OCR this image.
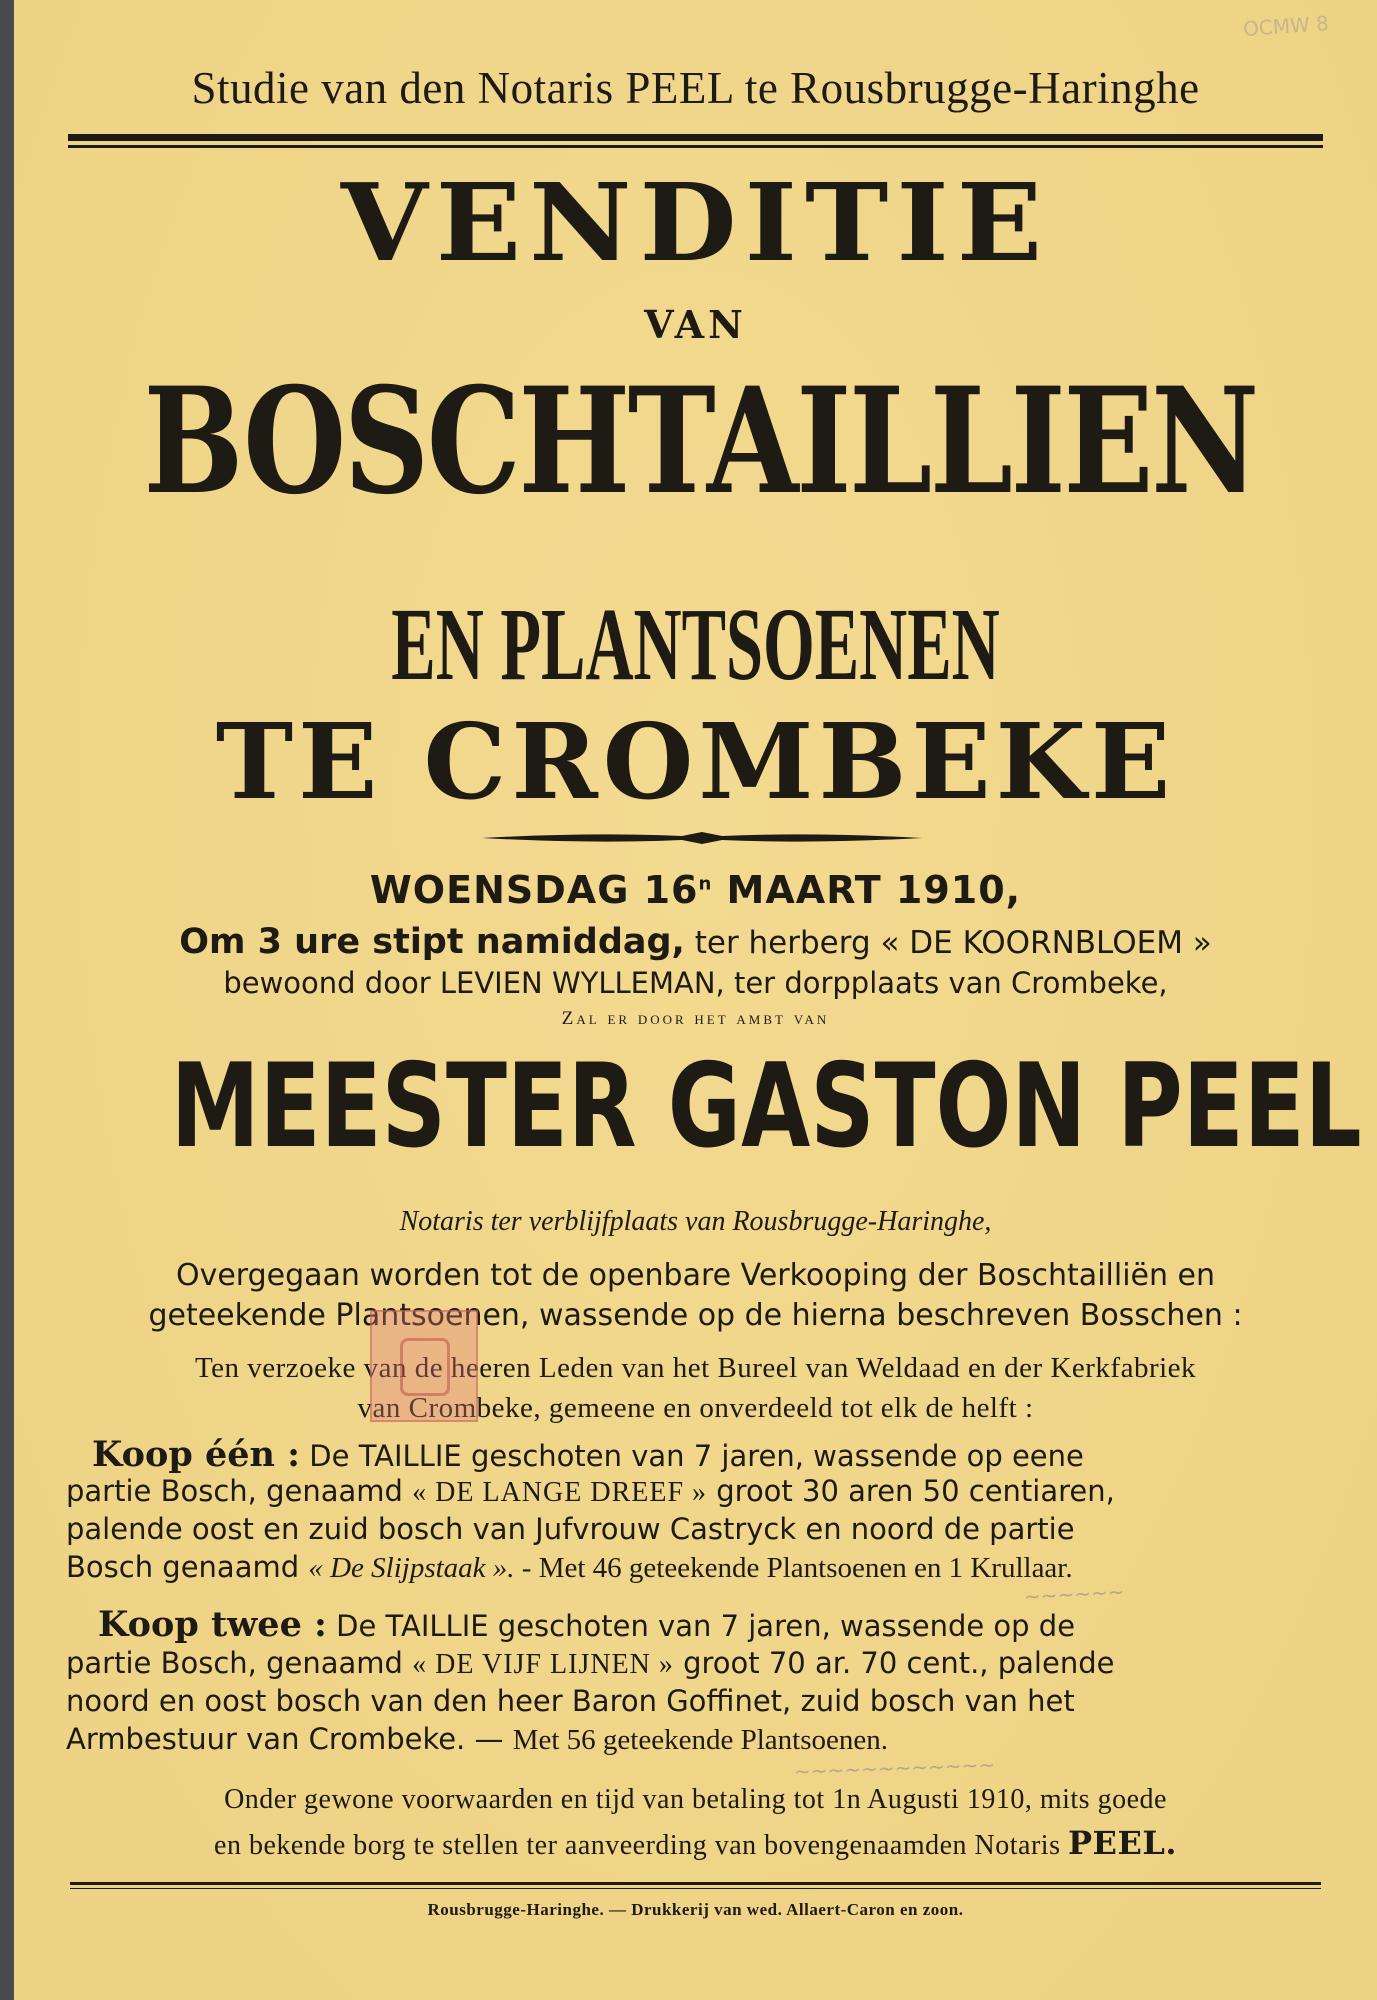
OCMW 8
Studie van den Notaris PEEL te Rousbrugge-Haringhe
VENDITIE
VAN
BOSCHTAILLIEN
EN PLANTSOENEN
TE CROMBEKE
WOENSDAG 16$^n$ MAART 1910,
Om 3 ure stipt namiddag, ter herberg « DE KOORNBLOEM »
bewoond door LEVIEN WYLLEMAN, ter dorpplaats van Crombeke,
Zal er door het ambt van
MEESTER GASTON PEEL
Notaris ter verblijfplaats van Rousbrugge-Haringhe,
Overgegaan worden tot de openbare Verkooping der Boschtailliën en
geteekende Plantsoenen, wassende op de hierna beschreven Bosschen :
Ten verzoeke van de heeren Leden van het Bureel van Weldaad en der Kerkfabriek
van Crombeke, gemeene en onverdeeld tot elk de helft :
Koop één : De TAILLIE geschoten van 7 jaren, wassende op eene
partie Bosch, genaamd « DE LANGE DREEF » groot 30 aren 50 centiaren,
palende oost en zuid bosch van Jufvrouw Castryck en noord de partie
Bosch genaamd « De Slijpstaak ». - Met 46 geteekende Plantsoenen en 1 Krullaar.
~~~~~~
Koop twee : De TAILLIE geschoten van 7 jaren, wassende op de
partie Bosch, genaamd « DE VIJF LIJNEN » groot 70 ar. 70 cent., palende
noord en oost bosch van den heer Baron Goffinet, zuid bosch van het
Armbestuur van Crombeke. — Met 56 geteekende Plantsoenen.
~~~~~~~~~~~~
Onder gewone voorwaarden en tijd van betaling tot 1n Augusti 1910, mits goede
en bekende borg te stellen ter aanveerding van bovengenaamden Notaris PEEL.
Rousbrugge-Haringhe. — Drukkerij van wed. Allaert-Caron en zoon.
